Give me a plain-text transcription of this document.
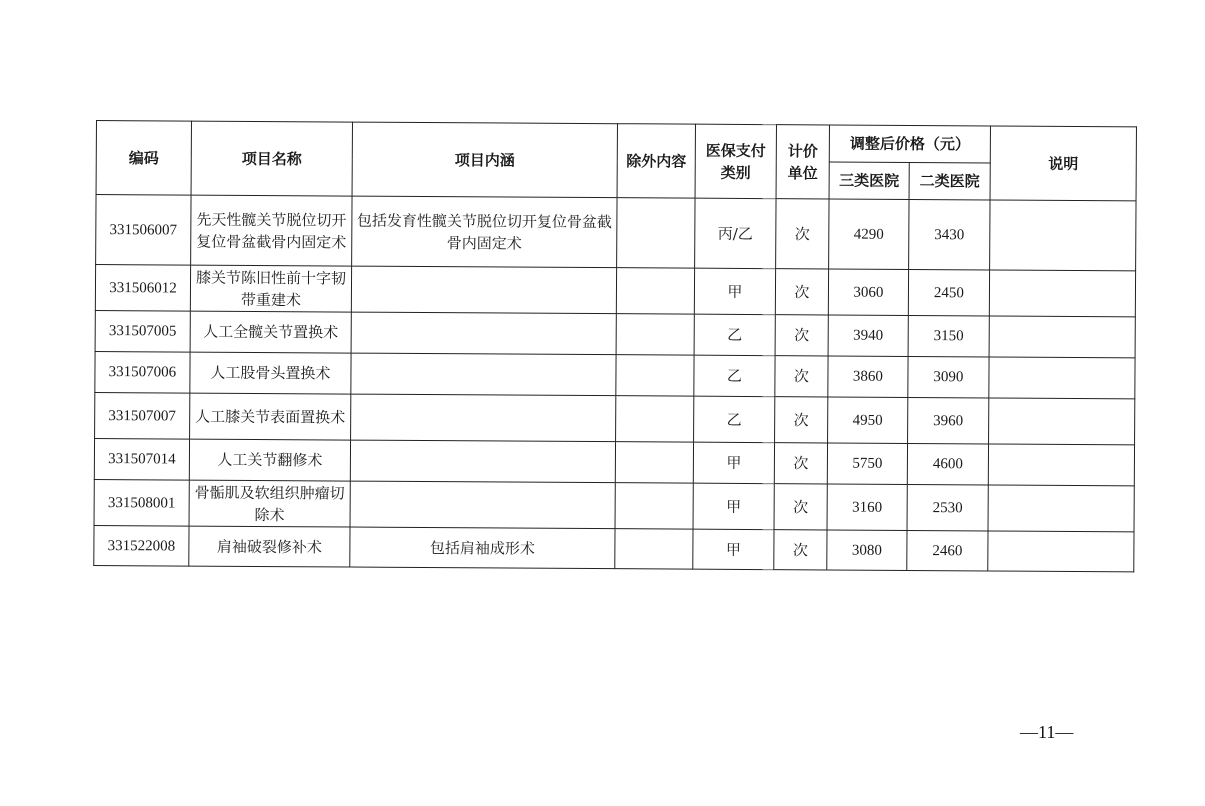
编码	项目名称	项目内涵	除外内容	医保支付类别	计价单位	调整后价格（元）		说明
						三类医院	二类医院	
331506007	先天性髋关节脱位切开复位骨盆截骨内固定术	包括发育性髋关节脱位切开复位骨盆截骨内固定术		丙/乙	次	4290	3430	
331506012	膝关节陈旧性前十字韧带重建术			甲	次	3060	2450	
331507005	人工全髋关节置换术			乙	次	3940	3150	
331507006	人工股骨头置换术			乙	次	3860	3090	
331507007	人工膝关节表面置换术			乙	次	4950	3960	
331507014	人工关节翻修术			甲	次	5750	4600	
331508001	骨骺肌及软组织肿瘤切除术			甲	次	3160	2530	
331522008	肩袖破裂修补术	包括肩袖成形术		甲	次	3080	2460	
—11—
